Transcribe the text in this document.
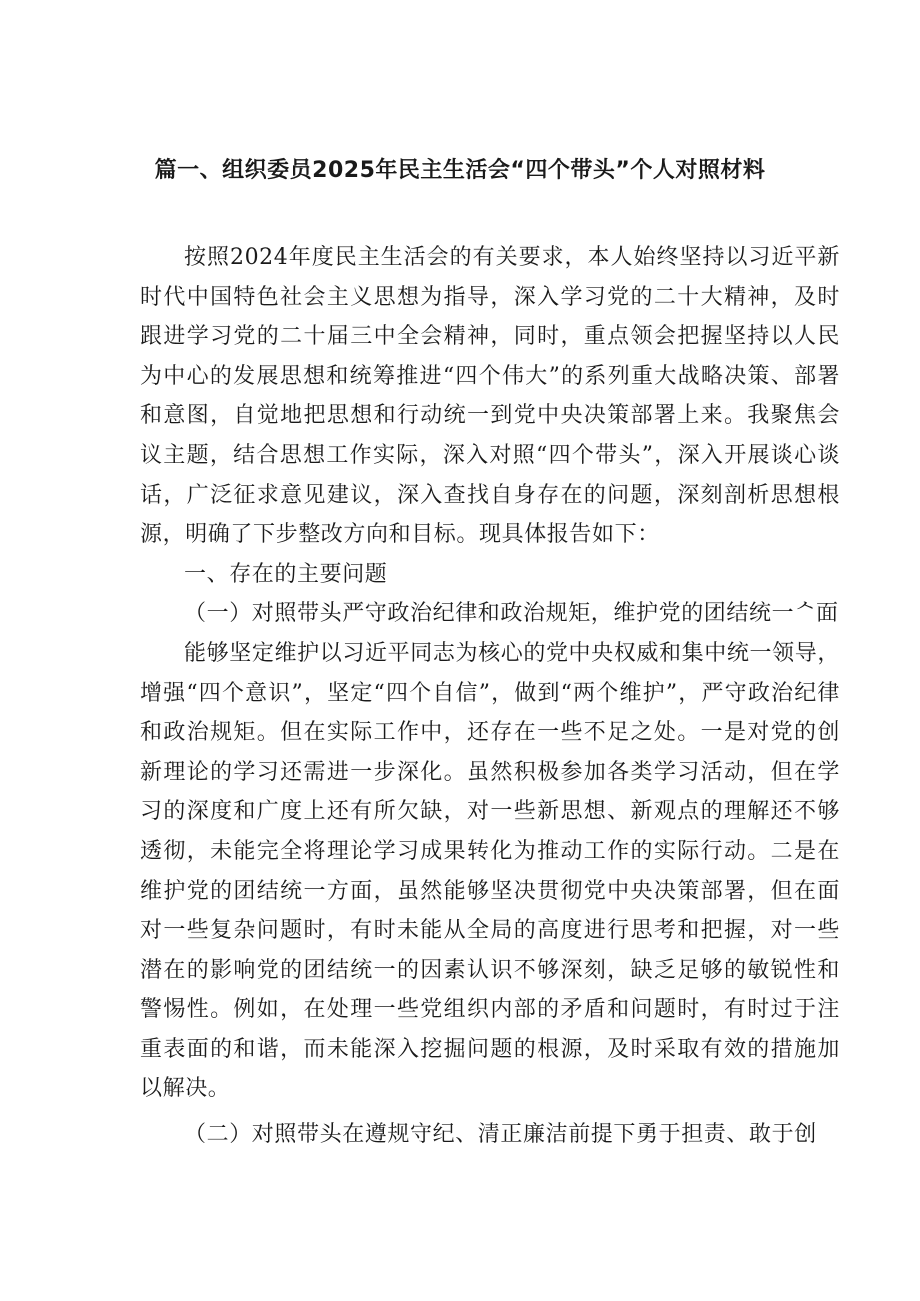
篇一、组织委员2025年民主生活会“四个带头”个人对照材料

按照2024年度民主生活会的有关要求，本人始终坚持以习近平新时代中国特色社会主义思想为指导，深入学习党的二十大精神，及时跟进学习党的二十届三中全会精神，同时，重点领会把握坚持以人民为中心的发展思想和统筹推进“四个伟大”的系列重大战略决策、部署和意图，自觉地把思想和行动统一到党中央决策部署上来。我聚焦会议主题，结合思想工作实际，深入对照“四个带头”，深入开展谈心谈话，广泛征求意见建议，深入查找自身存在的问题，深刻剖析思想根源，明确了下步整改方向和目标。现具体报告如下：

一、存在的主要问题

（一）对照带头严守政治纪律和政治规矩，维护党的团结统一ᄉ面

能够坚定维护以习近平同志为核心的党中央权威和集中统一领导，增强“四个意识”，坚定“四个自信”，做到“两个维护”，严守政治纪律和政治规矩。但在实际工作中，还存在一些不足之处。一是对党的创新理论的学习还需进一步深化。虽然积极参加各类学习活动，但在学习的深度和广度上还有所欠缺，对一些新思想、新观点的理解还不够透彻，未能完全将理论学习成果转化为推动工作的实际行动。二是在维护党的团结统一方面，虽然能够坚决贯彻党中央决策部署，但在面对一些复杂问题时，有时未能从全局的高度进行思考和把握，对一些潜在的影响党的团结统一的因素认识不够深刻，缺乏足够的敏锐性和警惕性。例如，在处理一些党组织内部的矛盾和问题时，有时过于注重表面的和谐，而未能深入挖掘问题的根源，及时采取有效的措施加以解决。

（二）对照带头在遵规守纪、清正廉洁前提下勇于担责、敢于创
